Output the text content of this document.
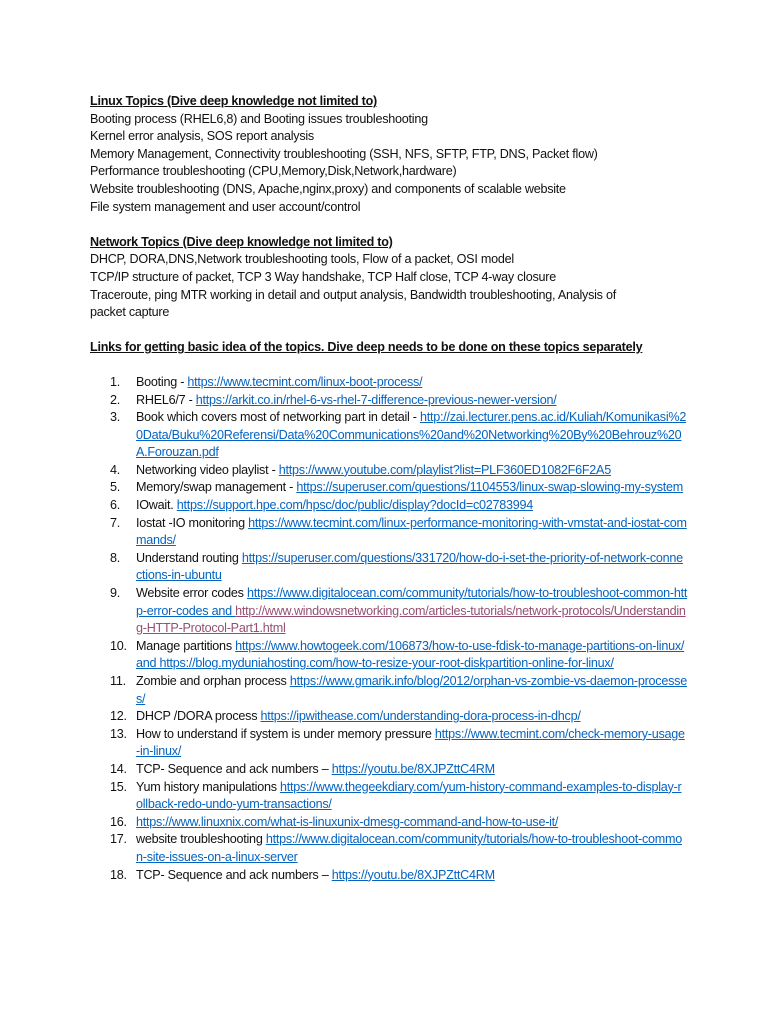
Linux Topics (Dive deep knowledge not limited to)
Booting process (RHEL6,8) and Booting issues troubleshooting
Kernel error analysis, SOS report analysis
Memory Management, Connectivity troubleshooting (SSH, NFS, SFTP, FTP, DNS, Packet flow)
Performance troubleshooting (CPU,Memory,Disk,Network,hardware)
Website troubleshooting (DNS, Apache,nginx,proxy) and components of scalable website
File system management and user account/control
Network Topics (Dive deep knowledge not limited to)
DHCP, DORA,DNS,Network troubleshooting tools, Flow of a packet, OSI model
TCP/IP structure of packet, TCP 3 Way handshake, TCP Half close, TCP 4-way closure
Traceroute, ping MTR working in detail and output analysis, Bandwidth troubleshooting, Analysis of packet capture
Links for getting basic idea of the topics. Dive deep needs to be done on these topics separately
1.	Booting - https://www.tecmint.com/linux-boot-process/
2.	RHEL6/7 - https://arkit.co.in/rhel-6-vs-rhel-7-difference-previous-newer-version/
3.	Book which covers most of networking part in detail - http://zai.lecturer.pens.ac.id/Kuliah/Komunikasi%20Data/Buku%20Referensi/Data%20Communications%20and%20Networking%20By%20Behrouz%20A.Forouzan.pdf
4.	Networking video playlist - https://www.youtube.com/playlist?list=PLF360ED1082F6F2A5
5.	Memory/swap management - https://superuser.com/questions/1104553/linux-swap-slowing-my-system
6.	IOwait. https://support.hpe.com/hpsc/doc/public/display?docId=c02783994
7.	Iostat -IO monitoring https://www.tecmint.com/linux-performance-monitoring-with-vmstat-and-iostat-commands/
8.	Understand routing https://superuser.com/questions/331720/how-do-i-set-the-priority-of-network-connections-in-ubuntu
9.	Website error codes https://www.digitalocean.com/community/tutorials/how-to-troubleshoot-common-http-error-codes and http://www.windowsnetworking.com/articles-tutorials/network-protocols/Understanding-HTTP-Protocol-Part1.html
10. Manage partitions https://www.howtogeek.com/106873/how-to-use-fdisk-to-manage-partitions-on-linux/ and https://blog.myduniahosting.com/how-to-resize-your-root-diskpartition-online-for-linux/
11. Zombie and orphan process https://www.gmarik.info/blog/2012/orphan-vs-zombie-vs-daemon-processes/
12. DHCP /DORA process https://ipwithease.com/understanding-dora-process-in-dhcp/
13. How to understand if system is under memory pressure https://www.tecmint.com/check-memory-usage-in-linux/
14. TCP- Sequence and ack numbers – https://youtu.be/8XJPZttC4RM
15. Yum history manipulations https://www.thegeekdiary.com/yum-history-command-examples-to-display-rollback-redo-undo-yum-transactions/
16. https://www.linuxnix.com/what-is-linuxunix-dmesg-command-and-how-to-use-it/
17. website troubleshooting https://www.digitalocean.com/community/tutorials/how-to-troubleshoot-common-site-issues-on-a-linux-server
18. TCP- Sequence and ack numbers – https://youtu.be/8XJPZttC4RM
